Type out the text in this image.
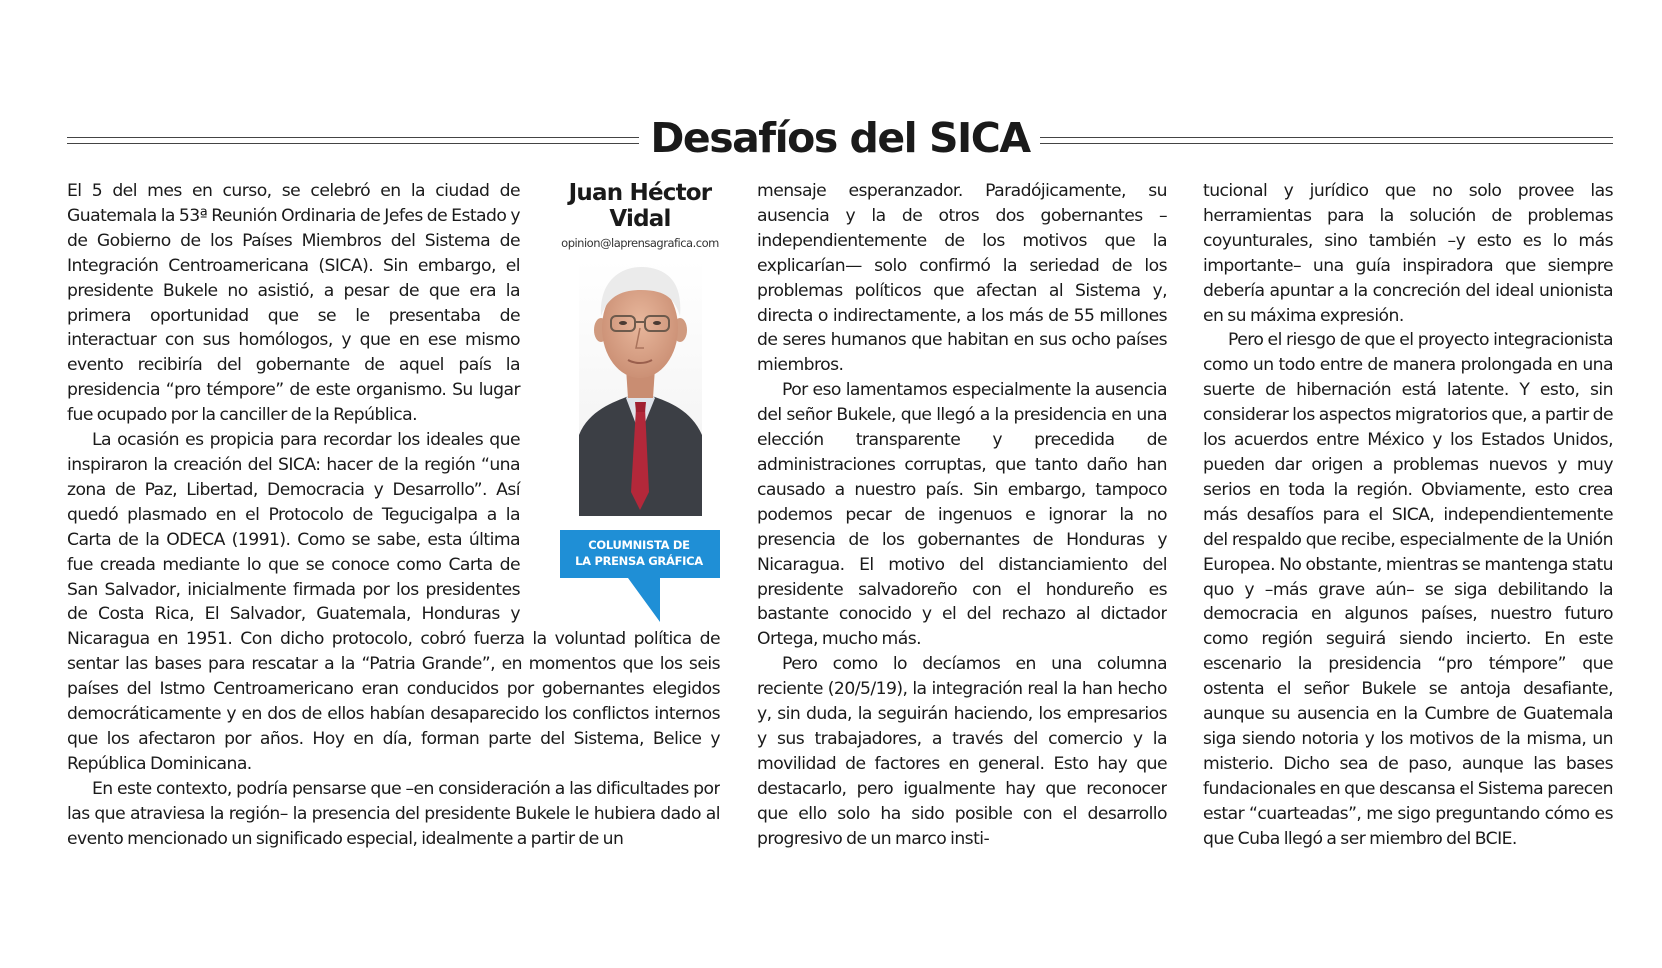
Desafíos del SICA

El 5 del mes en curso, se celebró en la ciudad de Guatemala la 53ª Reunión Ordinaria de Jefes de Estado y de Gobierno de los Países Miembros del Sistema de Integración Centroamericana (SICA). Sin embargo, el presidente Bukele no asistió, a pesar de que era la primera oportunidad que se le presentaba de interactuar con sus homólogos, y que en ese mismo evento recibiría del gobernante de aquel país la presidencia “pro témpore” de este organismo. Su lugar fue ocupado por la canciller de la República.

La ocasión es propicia para recordar los ideales que inspiraron la creación del SICA: hacer de la región “una zona de Paz, Libertad, Democracia y Desarrollo”. Así quedó plasmado en el Protocolo de Tegucigalpa a la Carta de la ODECA (1991). Como se sabe, esta última fue creada mediante lo que se conoce como Carta de San Salvador, inicialmente firmada por los presidentes de Costa Rica, El Salvador, Guatemala, Honduras y Nicaragua en 1951. Con dicho protocolo, cobró fuerza la voluntad política de sentar las bases para rescatar a la “Patria Grande”, en momentos que los seis países del Istmo Centroamericano eran conducidos por gobernantes elegidos democráticamente y en dos de ellos habían desaparecido los conflictos internos que los afectaron por años. Hoy en día, forman parte del Sistema, Belice y República Dominicana.

En este contexto, podría pensarse que –en consideración a las dificultades por las que atraviesa la región– la presencia del presidente Bukele le hubiera dado al evento mencionado un significado especial, idealmente a partir de un

Juan Héctor
Vidal
opinion@laprensagrafica.com
COLUMNISTA DE
LA PRENSA GRÁFICA

mensaje esperanzador. Paradójicamente, su ausencia y la de otros dos gobernantes –independientemente de los motivos que la explicarían— solo confirmó la seriedad de los problemas políticos que afectan al Sistema y, directa o indirectamente, a los más de 55 millones de seres humanos que habitan en sus ocho países miembros.

Por eso lamentamos especialmente la ausencia del señor Bukele, que llegó a la presidencia en una elección transparente y precedida de administraciones corruptas, que tanto daño han causado a nuestro país. Sin embargo, tampoco podemos pecar de ingenuos e ignorar la no presencia de los gobernantes de Honduras y Nicaragua. El motivo del distanciamiento del presidente salvadoreño con el hondureño es bastante conocido y el del rechazo al dictador Ortega, mucho más.

Pero como lo decíamos en una columna reciente (20/5/19), la integración real la han hecho y, sin duda, la seguirán haciendo, los empresarios y sus trabajadores, a través del comercio y la movilidad de factores en general. Esto hay que destacarlo, pero igualmente hay que reconocer que ello solo ha sido posible con el desarrollo progresivo de un marco insti-

tucional y jurídico que no solo provee las herramientas para la solución de problemas coyunturales, sino también –y esto es lo más importante– una guía inspiradora que siempre debería apuntar a la concreción del ideal unionista en su máxima expresión.

Pero el riesgo de que el proyecto integracionista como un todo entre de manera prolongada en una suerte de hibernación está latente. Y esto, sin considerar los aspectos migratorios que, a partir de los acuerdos entre México y los Estados Unidos, pueden dar origen a problemas nuevos y muy serios en toda la región. Obviamente, esto crea más desafíos para el SICA, independientemente del respaldo que recibe, especialmente de la Unión Europea. No obstante, mientras se mantenga statu quo y –más grave aún– se siga debilitando la democracia en algunos países, nuestro futuro como región seguirá siendo incierto. En este escenario la presidencia “pro témpore” que ostenta el señor Bukele se antoja desafiante, aunque su ausencia en la Cumbre de Guatemala siga siendo notoria y los motivos de la misma, un misterio. Dicho sea de paso, aunque las bases fundacionales en que descansa el Sistema parecen estar “cuarteadas”, me sigo preguntando cómo es que Cuba llegó a ser miembro del BCIE.
